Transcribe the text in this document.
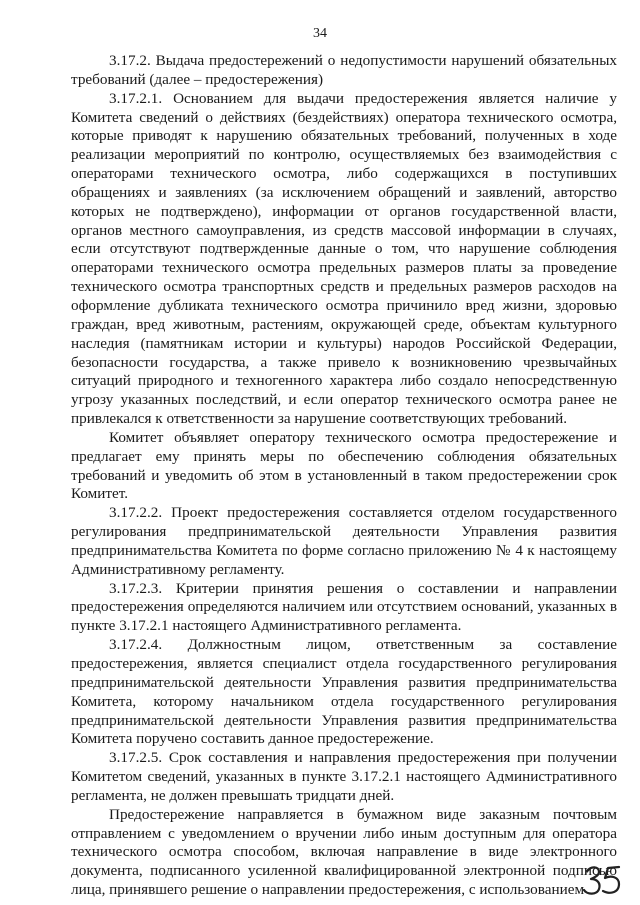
34

3.17.2. Выдача предостережений о недопустимости нарушений обязательных требований (далее – предостережения)

3.17.2.1. Основанием для выдачи предостережения является наличие у Комитета сведений о действиях (бездействиях) оператора технического осмотра, которые приводят к нарушению обязательных требований, полученных в ходе реализации мероприятий по контролю, осуществляемых без взаимодействия с операторами технического осмотра, либо содержащихся в поступивших обращениях и заявлениях (за исключением обращений и заявлений, авторство которых не подтверждено), информации от органов государственной власти, органов местного самоуправления, из средств массовой информации в случаях, если отсутствуют подтвержденные данные о том, что нарушение соблюдения операторами технического осмотра предельных размеров платы за проведение технического осмотра транспортных средств и предельных размеров расходов на оформление дубликата технического осмотра причинило вред жизни, здоровью граждан, вред животным, растениям, окружающей среде, объектам культурного наследия (памятникам истории и культуры) народов Российской Федерации, безопасности государства, а также привело к возникновению чрезвычайных ситуаций природного и техногенного характера либо создало непосредственную угрозу указанных последствий, и если оператор технического осмотра ранее не привлекался к ответственности за нарушение соответствующих требований.

Комитет объявляет оператору технического осмотра предостережение и предлагает ему принять меры по обеспечению соблюдения обязательных требований и уведомить об этом в установленный в таком предостережении срок Комитет.

3.17.2.2. Проект предостережения составляется отделом государственного регулирования предпринимательской деятельности Управления развития предпринимательства Комитета по форме согласно приложению № 4 к настоящему Административному регламенту.

3.17.2.3. Критерии принятия решения о составлении и направлении предостережения определяются наличием или отсутствием оснований, указанных в пункте 3.17.2.1 настоящего Административного регламента.

3.17.2.4. Должностным лицом, ответственным за составление предостережения, является специалист отдела государственного регулирования предпринимательской деятельности Управления развития предпринимательства Комитета, которому начальником отдела государственного регулирования предпринимательской деятельности Управления развития предпринимательства Комитета поручено составить данное предостережение.

3.17.2.5. Срок составления и направления предостережения при получении Комитетом сведений, указанных в пункте 3.17.2.1 настоящего Административного регламента, не должен превышать тридцати дней.

Предостережение направляется в бумажном виде заказным почтовым отправлением с уведомлением о вручении либо иным доступным для оператора технического осмотра способом, включая направление в виде электронного документа, подписанного усиленной квалифицированной электронной подписью лица, принявшего решение о направлении предостережения, с использованием
